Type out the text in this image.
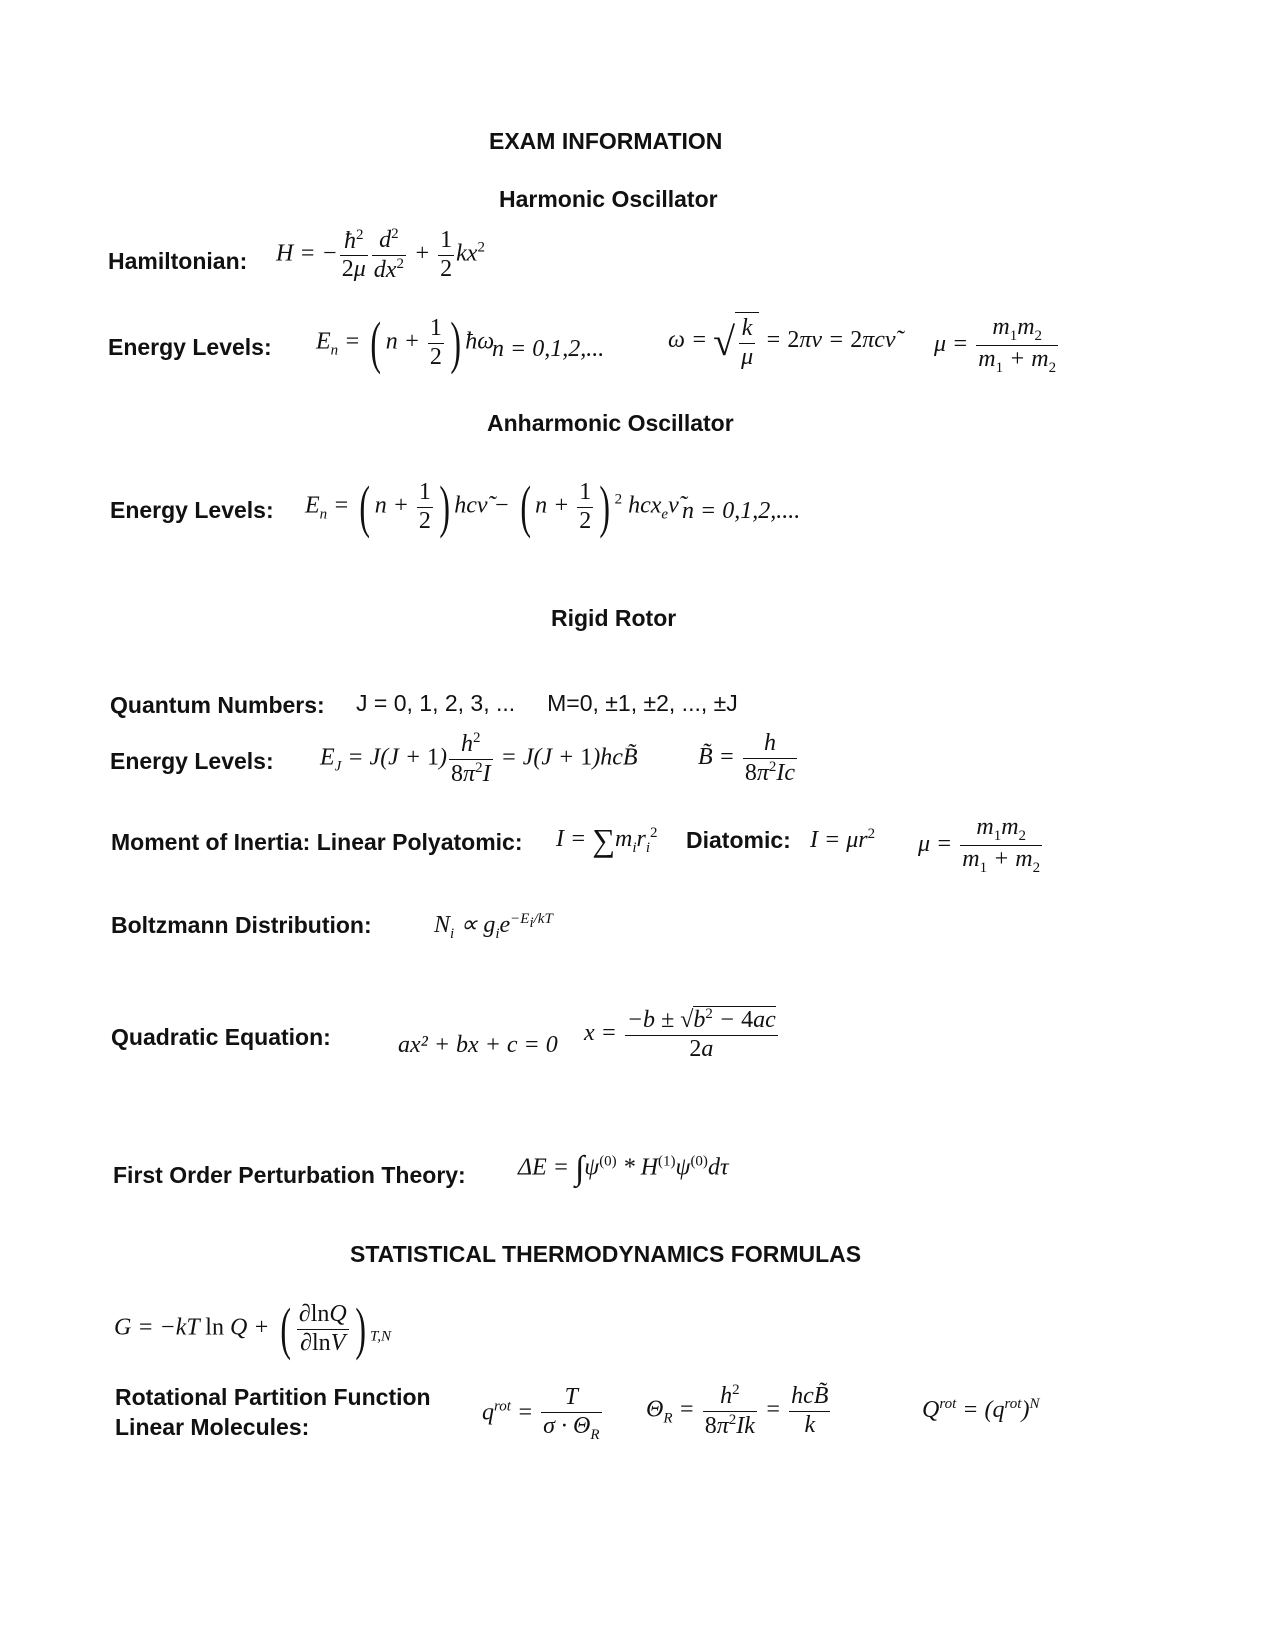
EXAM INFORMATION
Harmonic Oscillator
Hamiltonian: H = − $\frac{ħ^2}{2\mu} \frac{d^2}{dx^2} + \frac{1}{2} kx^2$
Energy Levels: $E_n$ = ( $n + \frac{1}{2}$ ) ħω
n = 0,1,2,...	ω = √ $\frac{k}{\mu} = 2\pi\nu$ = 2πcν̃ $\mu = \frac{m_1m_2}{m_1 + m_2}$
Anharmonic Oscillator
Energy Levels: $E_n$ = ( $n + \frac{1}{2}$ ) hcν̃ − ( $n + \frac{1}{2}$ ) $^2$ hcx$_e$ν̃ n = 0,1,2,....
Rigid Rotor
Quantum Numbers: J = 0, 1, 2, 3, ...     M=0, ±1, ±2, ..., ±J
Energy Levels: $E_J = J(J + 1) \frac{h^2}{8\pi^2I} = J(J$ + 1)hcB̃	B̃ = $\frac{h}{8\pi^2Ic}$
Moment of Inertia: Linear Polyatomic: $I = \sum m_ir_i^2$ Diatomic: $I = \mu r^2$ $\mu = \frac{m_1m_2}{m_1 + m_2}$
Boltzmann Distribution:	$N_i \propto g_ie^{-E_i/kT}$
Quadratic Equation:	ax² + bx + c = 0 $x = \frac{-b \pm √b^2 - 4ac}{2a}$
First Order Perturbation Theory: $\Delta E = \int\psi^{(0)} * H^{(1)}\psi^{(0)}d\tau$
STATISTICAL THERMODYNAMICS FORMULAS
G = −kT ln Q + ( $\frac{\partial\ln Q}{\partial\ln V}$ ) $_{T,N}$
Rotational Partition Function
Linear Molecules:
$q^{rot} = \frac{T}{\sigma \cdot \Theta_R} \Theta_R = \frac{h^2}{8\pi^2Ik}$ =
hcB̃
k
$Q^{rot} = (q^{rot})^N$
